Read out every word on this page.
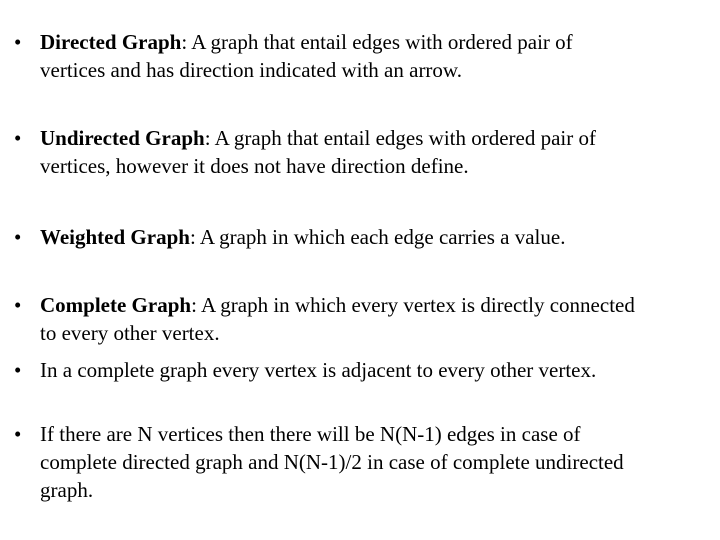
• Directed Graph: A graph that entail edges with ordered pair of vertices and has direction indicated with an arrow.
• Undirected Graph: A graph that entail edges with ordered pair of vertices, however it does not have direction define.
• Weighted Graph: A graph in which each edge carries a value.
• Complete Graph: A graph in which every vertex is directly connected to every other vertex.
• In a complete graph every vertex is adjacent to every other vertex.
• If there are N vertices then there will be N(N-1) edges in case of complete directed graph and N(N-1)/2 in case of complete undirected graph.
